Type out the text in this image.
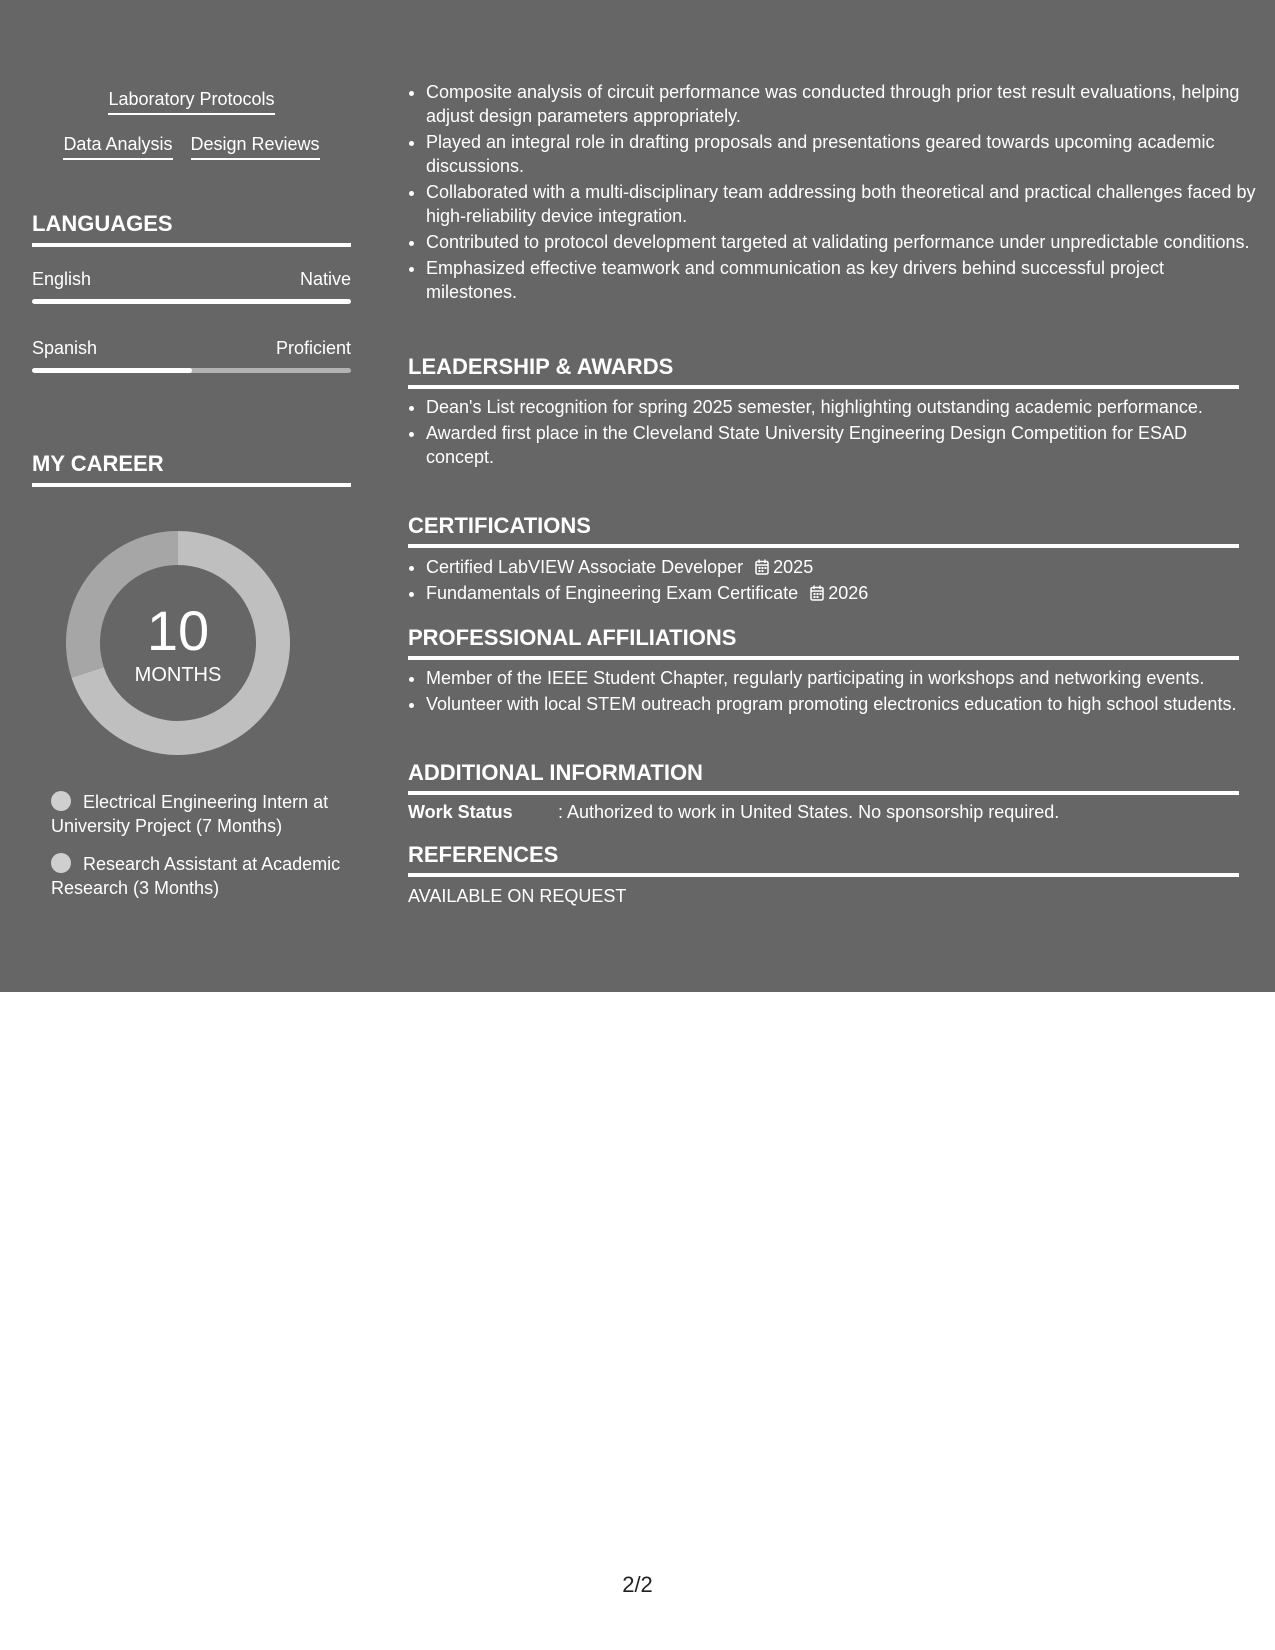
Laboratory Protocols
Data Analysis Design Reviews
LANGUAGES
English	Native
Spanish	Proficient
MY CAREER
10
MONTHS
Electrical Engineering Intern at University Project (7 Months)
Research Assistant at Academic Research (3 Months)
• Composite analysis of circuit performance was conducted through prior test result evaluations, helping adjust design parameters appropriately.
• Played an integral role in drafting proposals and presentations geared towards upcoming academic discussions.
• Collaborated with a multi-disciplinary team addressing both theoretical and practical challenges faced by high-reliability device integration.
• Contributed to protocol development targeted at validating performance under unpredictable conditions.
• Emphasized effective teamwork and communication as key drivers behind successful project milestones.
LEADERSHIP & AWARDS
• Dean's List recognition for spring 2025 semester, highlighting outstanding academic performance.
• Awarded first place in the Cleveland State University Engineering Design Competition for ESAD concept.
CERTIFICATIONS
• Certified LabVIEW Associate Developer 2025
• Fundamentals of Engineering Exam Certificate 2026
PROFESSIONAL AFFILIATIONS
• Member of the IEEE Student Chapter, regularly participating in workshops and networking events.
• Volunteer with local STEM outreach program promoting electronics education to high school students.
ADDITIONAL INFORMATION
Work Status	: Authorized to work in United States. No sponsorship required.
REFERENCES
AVAILABLE ON REQUEST
2/2
